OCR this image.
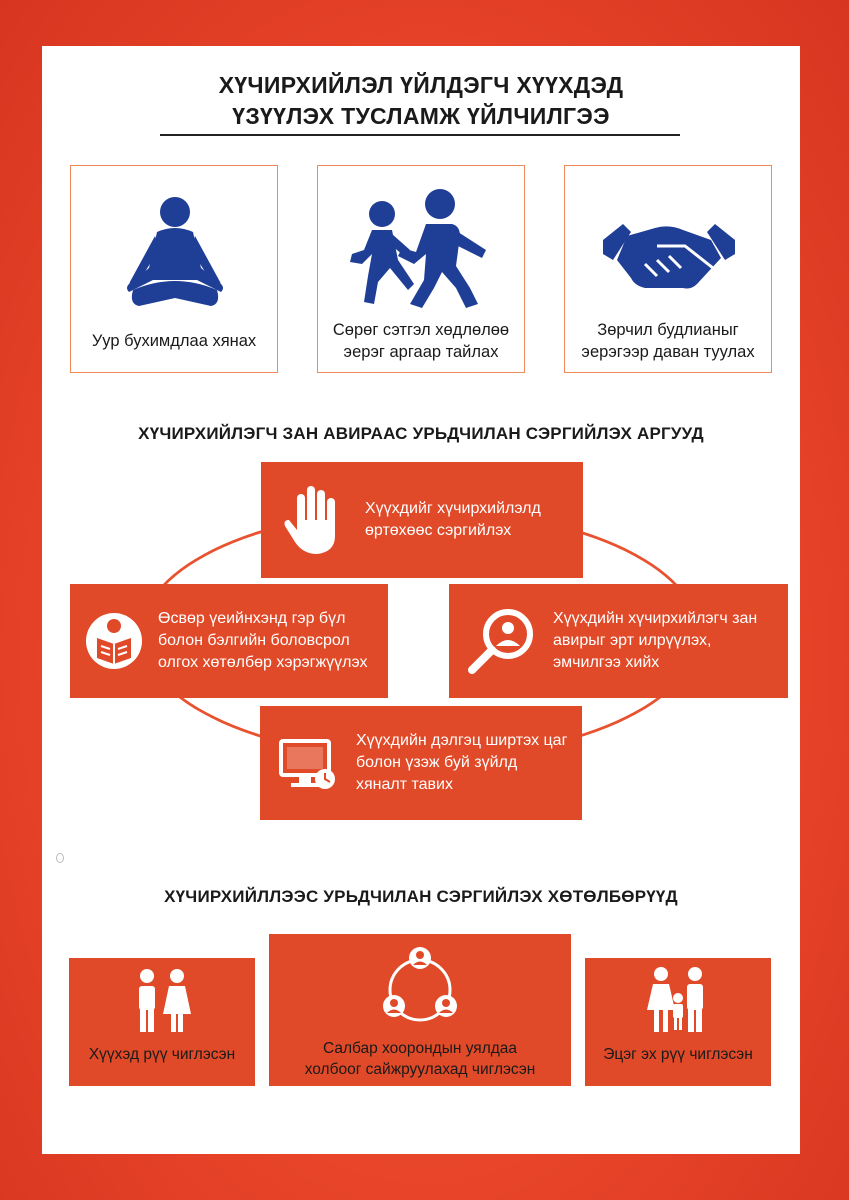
ХҮЧИРХИЙЛЭЛ ҮЙЛДЭГЧ ХҮҮХДЭД
ҮЗҮҮЛЭХ ТУСЛАМЖ ҮЙЛЧИЛГЭЭ
Уур бухимдлаа хянах
Сөрөг сэтгэл хөдлөлөө эерэг аргаар тайлах
Зөрчил будлианыг эерэгээр даван туулах
ХҮЧИРХИЙЛЭГЧ ЗАН АВИРААС УРЬДЧИЛАН СЭРГИЙЛЭХ АРГУУД
Хүүхдийг хүчирхийлэлд өртөхөөс сэргийлэх
Өсвөр үеийнхэнд гэр бүл болон бэлгийн боловсрол олгох хөтөлбөр хэрэгжүүлэх
Хүүхдийн хүчирхийлэгч зан авирыг эрт илрүүлэх, эмчилгээ хийх
Хүүхдийн дэлгэц ширтэх цаг болон үзэж буй зүйлд хяналт тавих
ХҮЧИРХИЙЛЛЭЭС УРЬДЧИЛАН СЭРГИЙЛЭХ ХӨТӨЛБӨРҮҮД
Хүүхэд рүү чиглэсэн	Салбар хоорондын уялдаа холбоог сайжруулахад чиглэсэн
Эцэг эх рүү чиглэсэн
